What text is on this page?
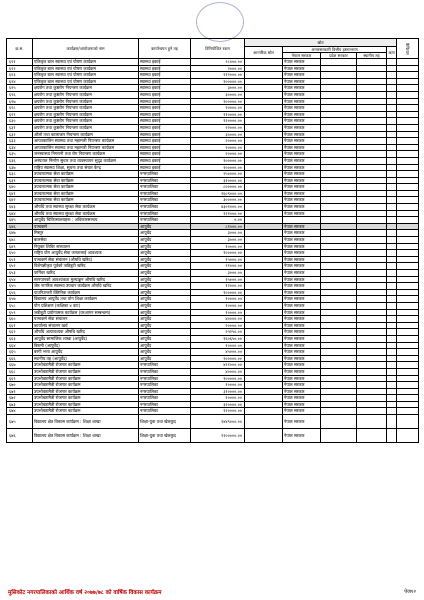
क्र.स.	कार्यक्रम/आयोजनाको नाम	कार्यान्वयन हुने तह	विनियोजित रकम	स्रोत					कैफियत
				आन्तरिक स्रोत	अन्तरसरकारी वित्तीय हस्तान्तरण			ऋण	
					नेपाल सरकार	प्रदेश सरकार	स्थानीय तह		
६२१	एकिकृत बाल स्वास्थ्य एवं पोषण कार्यक्रम	स्वास्थ्य इकाई	२८०००.००		नेपाल सरकार				
६२२	एकिकृत बाल स्वास्थ्य एवं पोषण कार्यक्रम	स्वास्थ्य इकाई	२०००.००		नेपाल सरकार				
६२३	एकिकृत बाल स्वास्थ्य एवं पोषण कार्यक्रम	स्वास्थ्य इकाई	११२०००.००		नेपाल सरकार				
६२४	एकिकृत बाल स्वास्थ्य एवं पोषण कार्यक्रम	स्वास्थ्य इकाई	१०००००.००		नेपाल सरकार				
६२५	क्षयरोग तथा कुष्ठरोग नियन्त्रण कार्यक्रम	स्वास्थ्य इकाई	३०००.००		नेपाल सरकार				
६२६	क्षयरोग तथा कुष्ठरोग नियन्त्रण कार्यक्रम	स्वास्थ्य इकाई	३००००.००		नेपाल सरकार				
६२७	क्षयरोग तथा कुष्ठरोग नियन्त्रण कार्यक्रम	स्वास्थ्य इकाई	१०००००.००		नेपाल सरकार				
६२८	क्षयरोग तथा कुष्ठरोग नियन्त्रण कार्यक्रम	स्वास्थ्य इकाई	२००००.००		नेपाल सरकार				
६२९	क्षयरोग तथा कुष्ठरोग नियन्त्रण कार्यक्रम	स्वास्थ्य इकाई	११००००.००		नेपाल सरकार				
६३०	क्षयरोग तथा कुष्ठरोग नियन्त्रण कार्यक्रम	स्वास्थ्य इकाई	१२००००.००		नेपाल सरकार				
६३१	क्षयरोग तथा कुष्ठरोग नियन्त्रण कार्यक्रम	स्वास्थ्य इकाई	२२०००.००		नेपाल सरकार				
६३२	औलो तथा कालाजार नियन्त्रण कार्यक्रम	स्वास्थ्य इकाई	३००००.००		नेपाल सरकार				
६३३	आपतकालिन स्वास्थ्य तथा महामारी नियन्त्रण कार्यक्रम	स्वास्थ्य इकाई	२००००.००		नेपाल सरकार				
६३४	आपतकालिन स्वास्थ्य तथा महामारी नियन्त्रण कार्यक्रम	स्वास्थ्य इकाई	२००००.००		नेपाल सरकार				
६३५	जनस्वास्थ्य निगरानी तथा रोग नियन्त्रण कार्यक्रम	स्वास्थ्य इकाई	२००००.००		नेपाल सरकार				
६३६	अस्पताल निर्माण सुधार तथा व्यवस्थापन सुदृढ कार्यक्रम	स्वास्थ्य इकाई	१०००००.००		नेपाल सरकार				
६३७	राष्ट्रिय स्वास्थ्य शिक्षा, सूचना तथा संचार केन्द्र	स्वास्थ्य इकाई	१०००००.००		नेपाल सरकार				
६३८	उपचारात्मक सेवा कार्यक्रम	नगरपालिका	२५००००.००		नेपाल सरकार				
६३९	उपचारात्मक सेवा कार्यक्रम	नगरपालिका	३१००००.००		नेपाल सरकार				
६४०	उपचारात्मक सेवा कार्यक्रम	नगरपालिका	८०००००.००		नेपाल सरकार				
६४१	उपचारात्मक सेवा कार्यक्रम	नगरपालिका	१६०९०००.००		नेपाल सरकार				
६४२	उपचारात्मक सेवा कार्यक्रम	नगरपालिका	३०००००.००		नेपाल सरकार				
६४३	औषधि तथा स्वास्थ्य सुरक्षा सेवा कार्यक्रम	नगरपालिका	४३०१०००.००		नेपाल सरकार				
६४४	औषधि तथा स्वास्थ्य सुरक्षा सेवा कार्यक्रम	नगरपालिका	१२१०००.००		नेपाल सरकार				
६४५	आयुर्वेद चिकित्सालयहरू : अधिकारसञ्चय	नगरपालिका	०.००						
६४६	पञ्चकर्म	आयुर्वेद	८१०००.००		नेपाल सरकार				
६४७	मिस्तुर	आयुर्वेद	३०००.००		नेपाल सरकार				
६४८	बालसेवा	आयुर्वेद	३०००.००		नेपाल सरकार				
६४९	नियुक्त शिविर सञ्चालन	आयुर्वेद	१००००.००		नेपाल सरकार				
६५०	राष्ट्रिय योग आयुर्वेद सेवा जनतालाई आवश्यक	आयुर्वेद	१०००००.००		नेपाल सरकार				
६५१	पञ्चकर्म सेवा संचालन (औषधि खरिद)	आयुर्वेद	१५०००.००		नेपाल सरकार				
६५२	विशेषज्ञीकृत पूर्वको जडिबुटी खरिद	आयुर्वेद	२१०००.००		नेपाल सरकार				
६५३	फर्निचर खरिद	आयुर्वेद	३०००.००		नेपाल सरकार				
६५४	स्तनपानको आवश्यकता मुल्याङ्कन औषधि खरिद	आयुर्वेद	१५०००.००		नेपाल सरकार				
६५५	जेष्ठ नागरिक स्वास्थ्य उपचार कार्यक्रम औषधि खरिद	आयुर्वेद	१२०००.००		नेपाल सरकार				
६५६	याउनिउन्तरी क्लिनिक कार्यक्रम	आयुर्वेद	१०००००.००		नेपाल सरकार				
६५७	विद्यालय आयुर्वेद तथा योग शिक्षा कार्यक्रम	आयुर्वेद	१००००.००		नेपाल सरकार				
६५८	योग प्रशिक्षण (कक्षिका ४ वटा)	आयुर्वेद	१००००.००		नेपाल सरकार				
६५९	जडीबुटी प्रयोगात्मक कार्यक्रम (घरआगन सम्बन्धमा)	आयुर्वेद	१००००.००		नेपाल सरकार				
६६०	पञ्चकर्म सेवा संचालन	आयुर्वेद	४००००.००		नेपाल सरकार				
६६१	कार्यालय संचालन खर्च	आयुर्वेद	२००००.००		नेपाल सरकार				
६६२	औषधि अत्यावश्यक औषधि खरिद	आयुर्वेद	२५२५०.००		नेपाल सरकार				
६६३	आयुर्वेद सामाजिक शाखा (आयुर्वेद)	आयुर्वेद	१६०६५०.००		नेपाल सरकार				
६६४	बिरामी (आयुर्वेद)	आयुर्वेद	१००००.००		नेपाल सरकार				
६६५	बरगी भत्ता आयुर्वेद	आयुर्वेद	४५०००.००		नेपाल सरकार				
६६६	स्थानीय तह (आयुर्वेद)	आयुर्वेद	२०००००.००		नेपाल सरकार				
६६७	उपभोक्तामैत्री रोजगार कार्यक्रम	नगरपालिका	४२१०००.००		नेपाल सरकार				
६६८	उपभोक्तामैत्री रोजगार कार्यक्रम	नगरपालिका	४००००.००		नेपाल सरकार				
६६९	उपभोक्तामैत्री रोजगार कार्यक्रम	नगरपालिका	१०००००.००		नेपाल सरकार				
६७०	उपभोक्तामैत्री रोजगार कार्यक्रम	नगरपालिका	१००००.००		नेपाल सरकार				
६७१	उपभोक्तामैत्री रोजगार कार्यक्रम	नगरपालिका	३१००००.००		नेपाल सरकार				
६७२	उपभोक्तामैत्री रोजगार कार्यक्रम	नगरपालिका	१००००.००		नेपाल सरकार				
६७३	उपभोक्तामैत्री रोजगार कार्यक्रम	नगरपालिका	३२००००.००		नेपाल सरकार				
६७४	उपभोक्तामैत्री रोजगार कार्यक्रम	नगरपालिका	१२००००.००		नेपाल सरकार				
६७५	विद्यालय क्षेत्र विकास कार्यक्रम : शिक्षा शाखा	शिक्षा-युवा तथा खेलकुद	१४४९०००.००		नेपाल सरकार				
६७६	विद्यालय क्षेत्र विकास कार्यक्रम : शिक्षा शाखा	शिक्षा-युवा तथा खेलकुद	११०००००.००		नेपाल सरकार				
मुसिकोट नगरपालिकाको आर्थिक वर्ष २०७७/७८ को वार्षिक विकास कार्यक्रम	पेज१२
